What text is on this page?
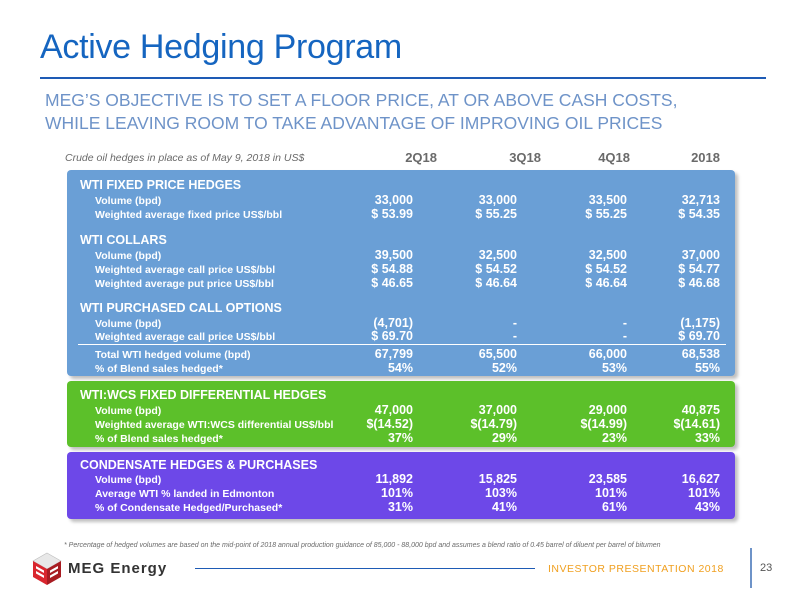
Active Hedging Program
MEG’S OBJECTIVE IS TO SET A FLOOR PRICE, AT OR ABOVE CASH COSTS,
WHILE LEAVING ROOM TO TAKE ADVANTAGE OF IMPROVING OIL PRICES
Crude oil hedges in place as of May 9, 2018 in US$	2Q18	3Q18	4Q18	2018
WTI FIXED PRICE HEDGES
Volume (bpd)	33,000	33,000	33,500	32,713
Weighted average fixed price US$/bbl	$ 53.99	$ 55.25	$ 55.25	$ 54.35
WTI COLLARS
Volume (bpd)	39,500	32,500	32,500	37,000
Weighted average call price US$/bbl	$ 54.88	$ 54.52	$ 54.52	$ 54.77
Weighted average put price US$/bbl	$ 46.65	$ 46.64	$ 46.64	$ 46.68
WTI PURCHASED CALL OPTIONS
Volume (bpd)	(4,701)	-	-	(1,175)
Weighted average call price US$/bbl	$ 69.70	-	-	$ 69.70
Total WTI hedged volume (bpd)	67,799	65,500	66,000	68,538
% of Blend sales hedged*	54%	52%	53%	55%
WTI:WCS FIXED DIFFERENTIAL HEDGES
Volume (bpd)	47,000	37,000	29,000	40,875
Weighted average WTI:WCS differential US$/bbl	$(14.52)	$(14.79)	$(14.99)	$(14.61)
% of Blend sales hedged*	37%	29%	23%	33%
CONDENSATE HEDGES & PURCHASES
Volume (bpd)	11,892	15,825	23,585	16,627
Average WTI % landed in Edmonton	101%	103%	101%	101%
% of Condensate Hedged/Purchased*	31%	41%	61%	43%
* Percentage of hedged volumes are based on the mid-point of 2018 annual production guidance of 85,000 - 88,000 bpd and assumes a blend ratio of 0.45 barrel of diluent per barrel of bitumen
MEG Energy	INVESTOR PRESENTATION 2018	23
